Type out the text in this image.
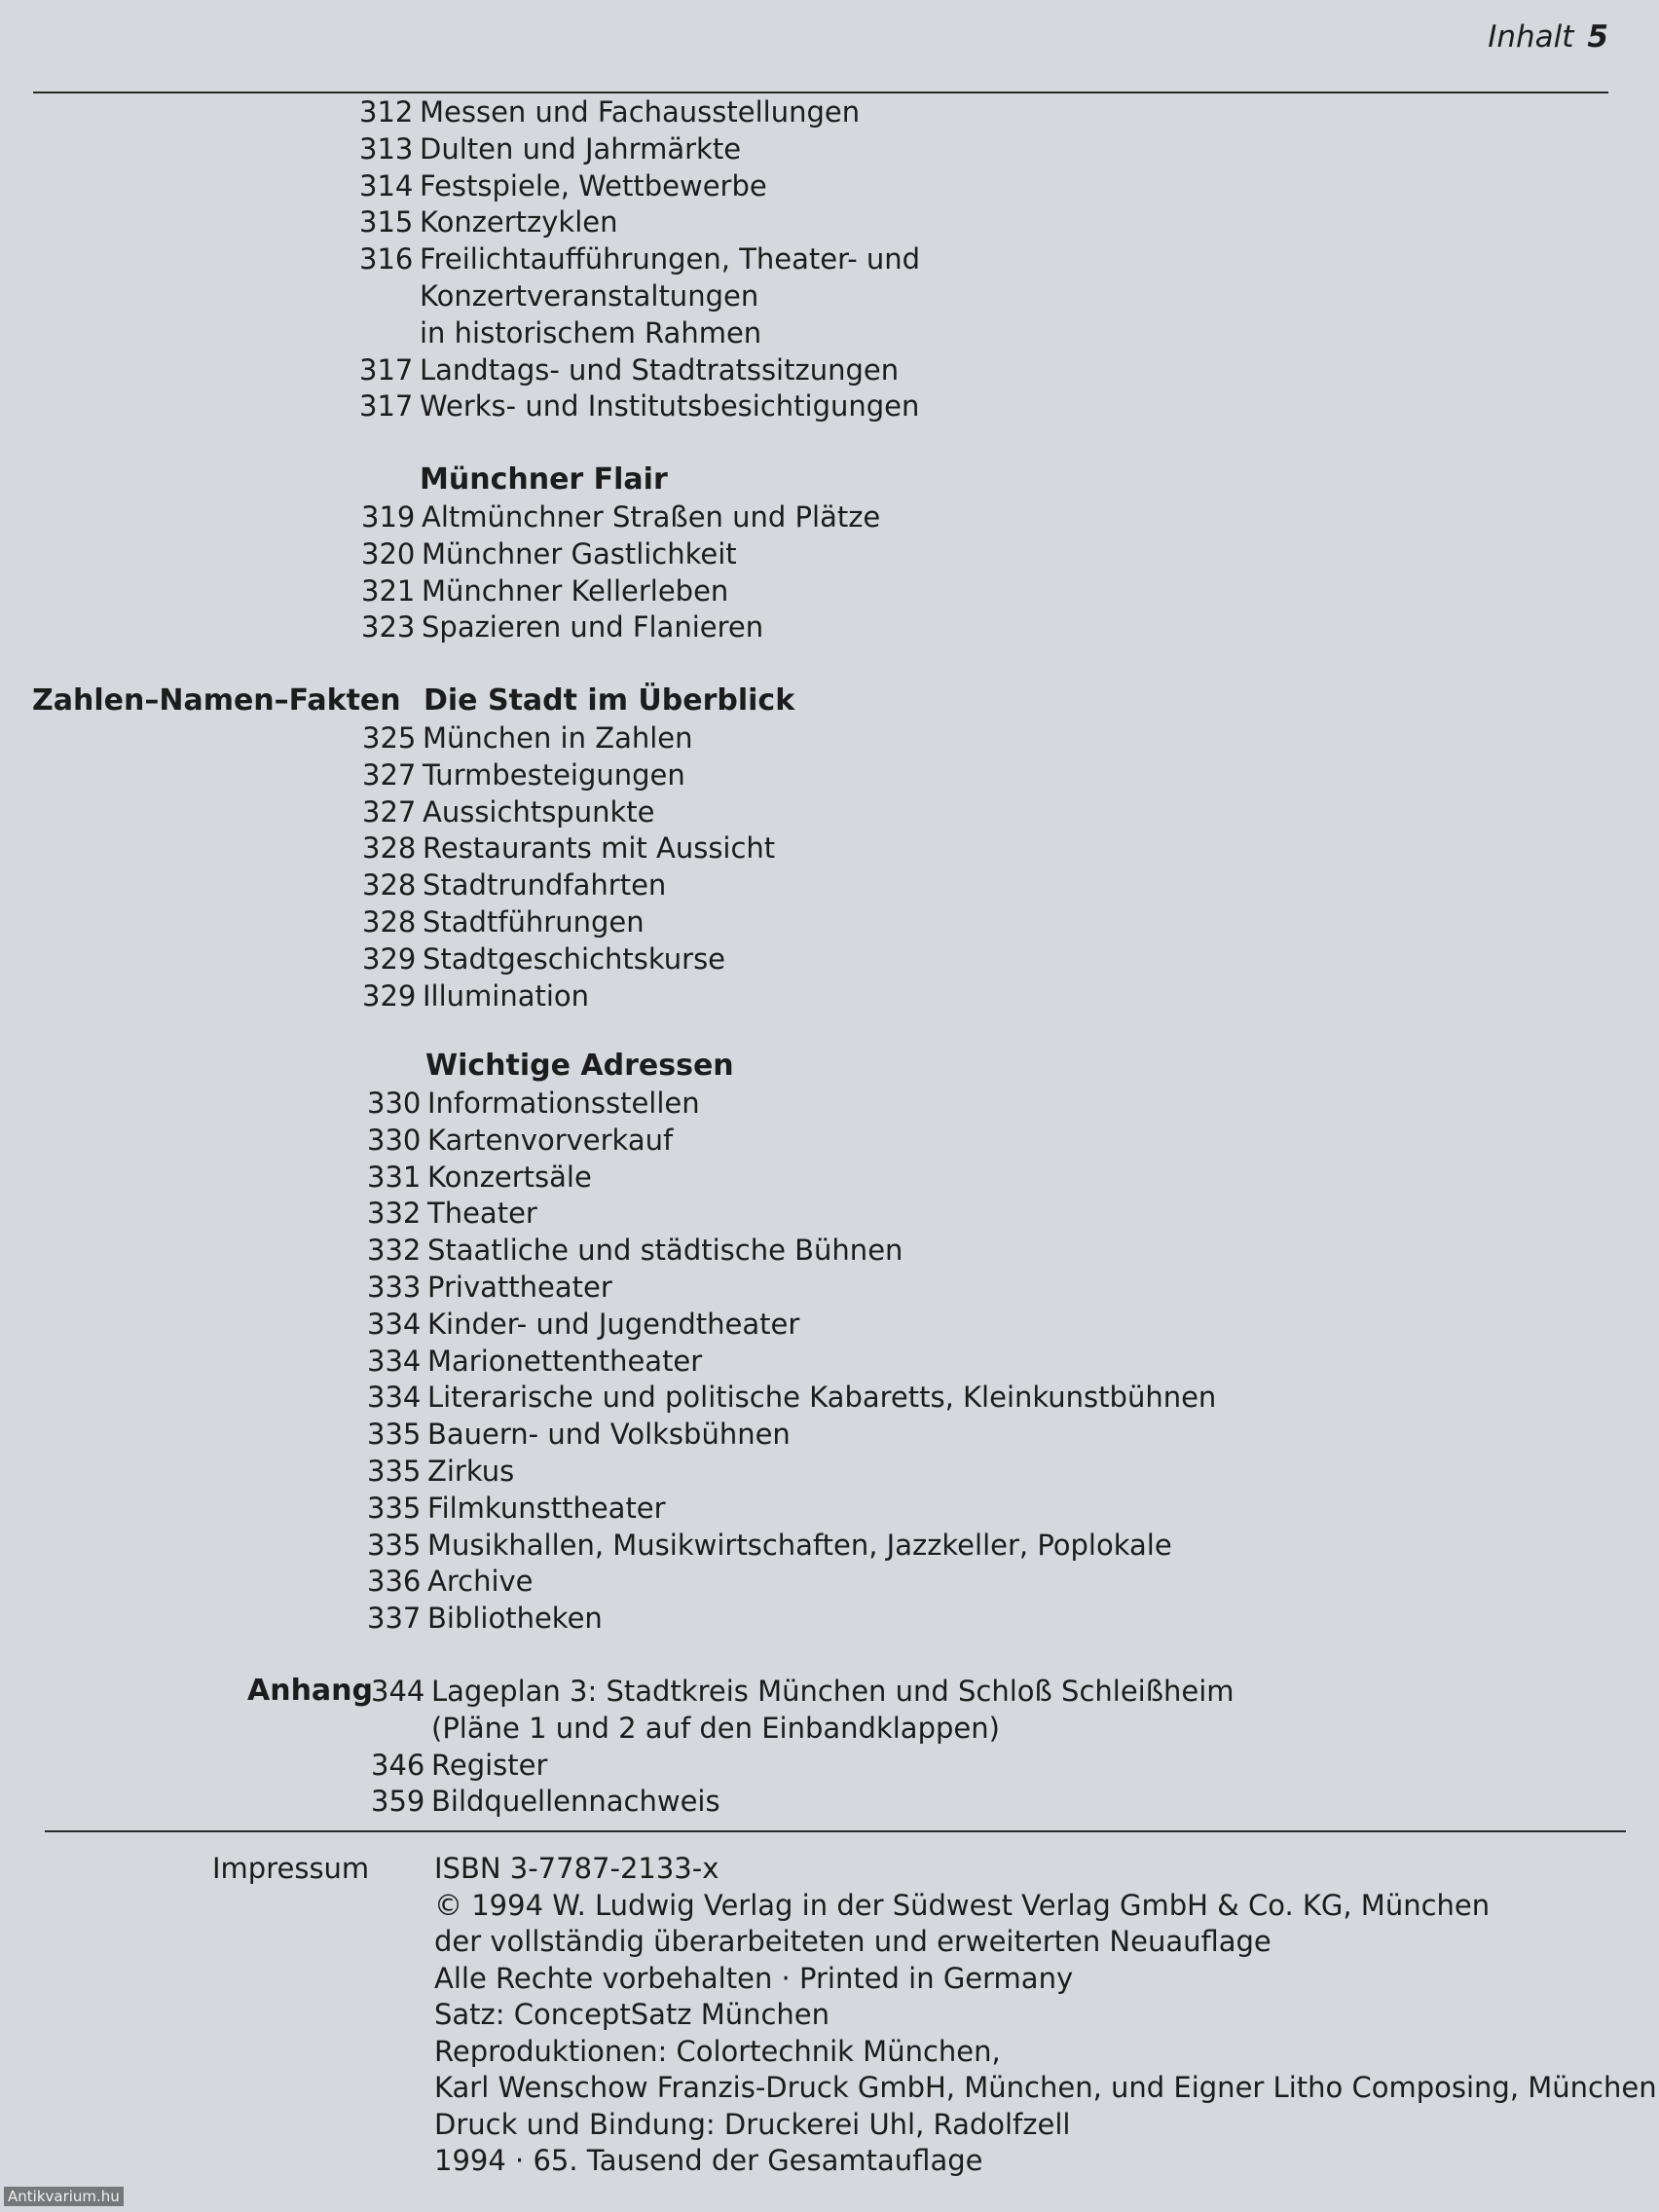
Inhalt 5
312 Messen und Fachausstellungen
313 Dulten und Jahrmärkte
314 Festspiele, Wettbewerbe
315 Konzertzyklen
316 Freilichtaufführungen, Theater- und
Konzertveranstaltungen
in historischem Rahmen
317 Landtags- und Stadtratssitzungen
317 Werks- und Institutsbesichtigungen
Münchner Flair
319 Altmünchner Straßen und Plätze
320 Münchner Gastlichkeit
321 Münchner Kellerleben
323 Spazieren und Flanieren
Die Stadt im Überblick
325 München in Zahlen
327 Turmbesteigungen
327 Aussichtspunkte
328 Restaurants mit Aussicht
328 Stadtrundfahrten
328 Stadtführungen
329 Stadtgeschichtskurse
329 Illumination
Wichtige Adressen
330 Informationsstellen
330 Kartenvorverkauf
331 Konzertsäle
332 Theater
332 Staatliche und städtische Bühnen
333 Privattheater
334 Kinder- und Jugendtheater
334 Marionettentheater
334 Literarische und politische Kabaretts, Kleinkunstbühnen
335 Bauern- und Volksbühnen
335 Zirkus
335 Filmkunsttheater
335 Musikhallen, Musikwirtschaften, Jazzkeller, Poplokale
336 Archive
337 Bibliotheken
344 Lageplan 3: Stadtkreis München und Schloß Schleißheim
(Pläne 1 und 2 auf den Einbandklappen)
346 Register
359 Bildquellennachweis
Impressum ISBN 3-7787-2133-x
© 1994 W. Ludwig Verlag in der Südwest Verlag GmbH & Co. KG, München
der vollständig überarbeiteten und erweiterten Neuauflage
Alle Rechte vorbehalten · Printed in Germany
Satz: ConceptSatz München
Reproduktionen: Colortechnik München,
Karl Wenschow Franzis-Druck GmbH, München, und Eigner Litho Composing, München
Druck und Bindung: Druckerei Uhl, Radolfzell
1994 · 65. Tausend der Gesamtauflage
Antikvarium.hu
Zahlen–Namen–Fakten
Anhang
